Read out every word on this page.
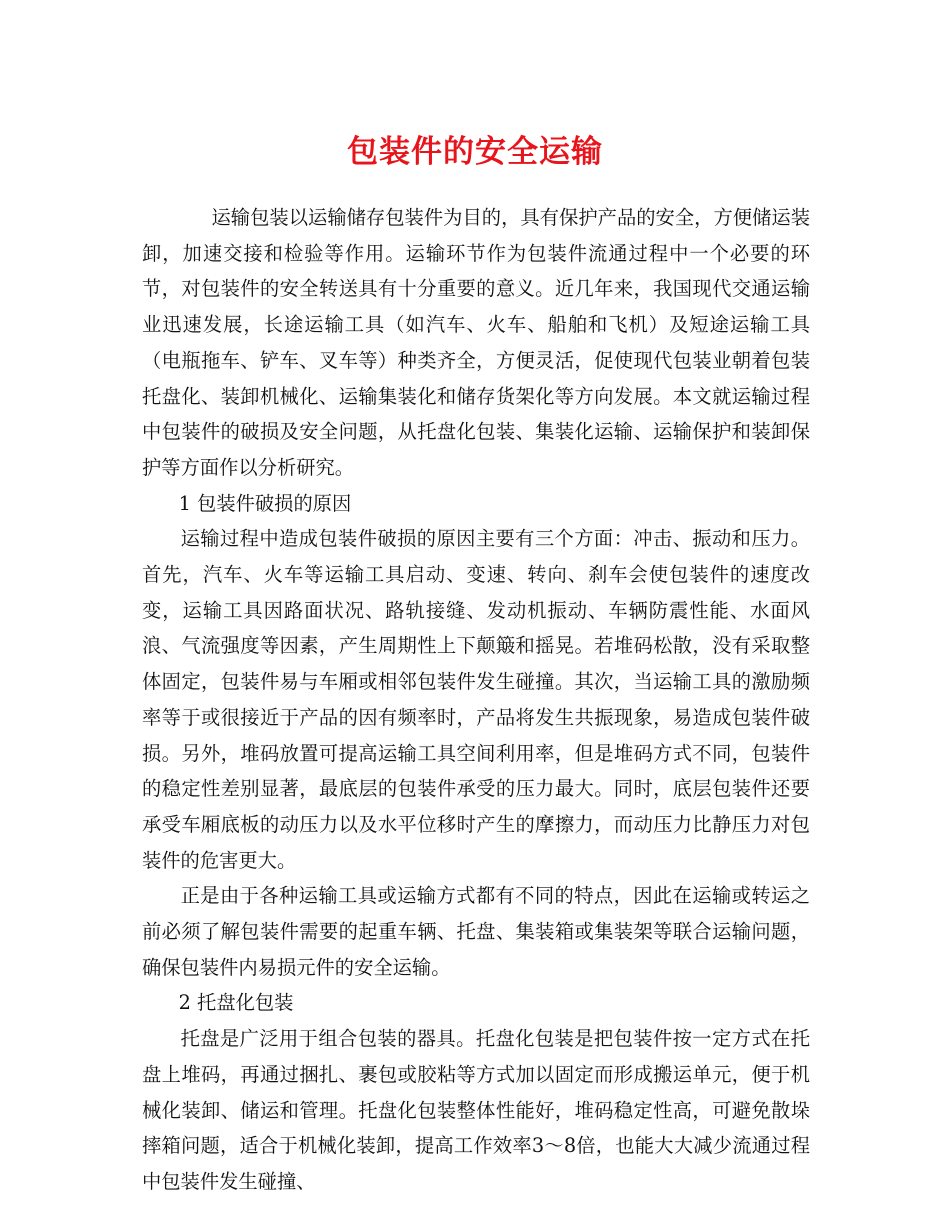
包装件的安全运输

运输包装以运输储存包装件为目的，具有保护产品的安全，方便储运装卸，加速交接和检验等作用。运输环节作为包装件流通过程中一个必要的环节，对包装件的安全转送具有十分重要的意义。近几年来，我国现代交通运输业迅速发展，长途运输工具（如汽车、火车、船舶和飞机）及短途运输工具（电瓶拖车、铲车、叉车等）种类齐全，方便灵活，促使现代包装业朝着包装托盘化、装卸机械化、运输集装化和储存货架化等方向发展。本文就运输过程中包装件的破损及安全问题，从托盘化包装、集装化运输、运输保护和装卸保护等方面作以分析研究。

1 包装件破损的原因

运输过程中造成包装件破损的原因主要有三个方面：冲击、振动和压力。首先，汽车、火车等运输工具启动、变速、转向、刹车会使包装件的速度改变，运输工具因路面状况、路轨接缝、发动机振动、车辆防震性能、水面风浪、气流强度等因素，产生周期性上下颠簸和摇晃。若堆码松散，没有采取整体固定，包装件易与车厢或相邻包装件发生碰撞。其次，当运输工具的激励频率等于或很接近于产品的因有频率时，产品将发生共振现象，易造成包装件破损。另外，堆码放置可提高运输工具空间利用率，但是堆码方式不同，包装件的稳定性差别显著，最底层的包装件承受的压力最大。同时，底层包装件还要承受车厢底板的动压力以及水平位移时产生的摩擦力，而动压力比静压力对包装件的危害更大。

正是由于各种运输工具或运输方式都有不同的特点，因此在运输或转运之前必须了解包装件需要的起重车辆、托盘、集装箱或集装架等联合运输问题，确保包装件内易损元件的安全运输。

2 托盘化包装

托盘是广泛用于组合包装的器具。托盘化包装是把包装件按一定方式在托盘上堆码，再通过捆扎、裹包或胶粘等方式加以固定而形成搬运单元，便于机械化装卸、储运和管理。托盘化包装整体性能好，堆码稳定性高，可避免散垛摔箱问题，适合于机械化装卸，提高工作效率3～8倍，也能大大减少流通过程中包装件发生碰撞、
